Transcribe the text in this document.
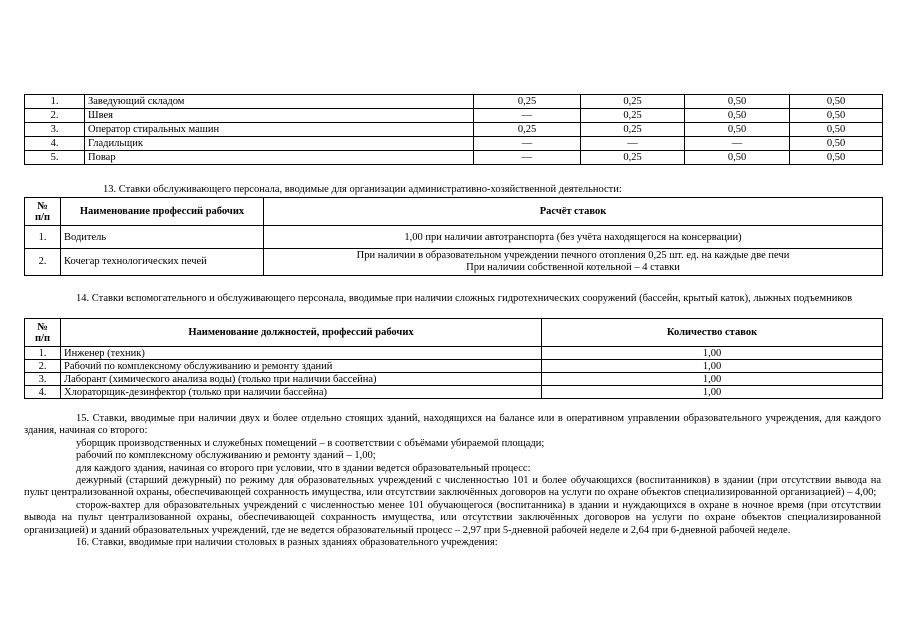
1.	Заведующий складом	0,25	0,25	0,50	0,50
2.	Швея	—	0,25	0,50	0,50
3.	Оператор стиральных машин	0,25	0,25	0,50	0,50
4.	Гладильщик	—	—	—	0,50
5.	Повар	—	0,25	0,50	0,50
13. Ставки обслуживающего персонала, вводимые для организации административно-хозяйственной деятельности:
№
п/п	Наименование профессий рабочих	Расчёт ставок
1.	Водитель	1,00 при наличии автотранспорта (без учёта находящегося на консервации)
2.	Кочегар технологических печей	При наличии в образовательном учреждении печного отопления 0,25 шт. ед. на каждые две печи
При наличии собственной котельной – 4 ставки

14. Ставки вспомогательного и обслуживающего персонала, вводимые при наличии сложных гидротехнических сооружений (бассейн, крытый каток), лыжных подъемников

№
п/п	Наименование должностей, профессий рабочих	Количество ставок
1.	Инженер (техник)	1,00
2.	Рабочий по комплексному обслуживанию и ремонту зданий	1,00
3.	Лаборант (химического анализа воды) (только при наличии бассейна)	1,00
4.	Хлораторщик-дезинфектор (только при наличии бассейна)	1,00

15. Ставки, вводимые при наличии двух и более отдельно стоящих зданий, находящихся на балансе или в оперативном управлении образовательного учреждения, для каждого здания, начиная со второго:

уборщик производственных и служебных помещений – в соответствии с объёмами убираемой площади;

рабочий по комплексному обслуживанию и ремонту зданий – 1,00;

для каждого здания, начиная со второго при условии, что в здании ведется образовательный процесс:

дежурный (старший дежурный) по режиму для образовательных учреждений с численностью 101 и более обучающихся (воспитанников) в здании (при отсутствии вывода на пульт централизованной охраны, обеспечивающей сохранность имущества, или отсутствии заключённых договоров на услуги по охране объектов специализированной организацией) – 4,00;

сторож-вахтер для образовательных учреждений с численностью менее 101 обучающегося (воспитанника) в здании и нуждающихся в охране в ночное время (при отсутствии вывода на пульт централизованной охраны, обеспечивающей сохранность имущества, или отсутствии заключённых договоров на услуги по охране объектов специализированной организацией) и зданий образовательных учреждений, где не ведется образовательный процесс – 2,97 при 5-дневной рабочей неделе и 2,64 при 6-дневной рабочей неделе.

16. Ставки, вводимые при наличии столовых в разных зданиях образовательного учреждения:
